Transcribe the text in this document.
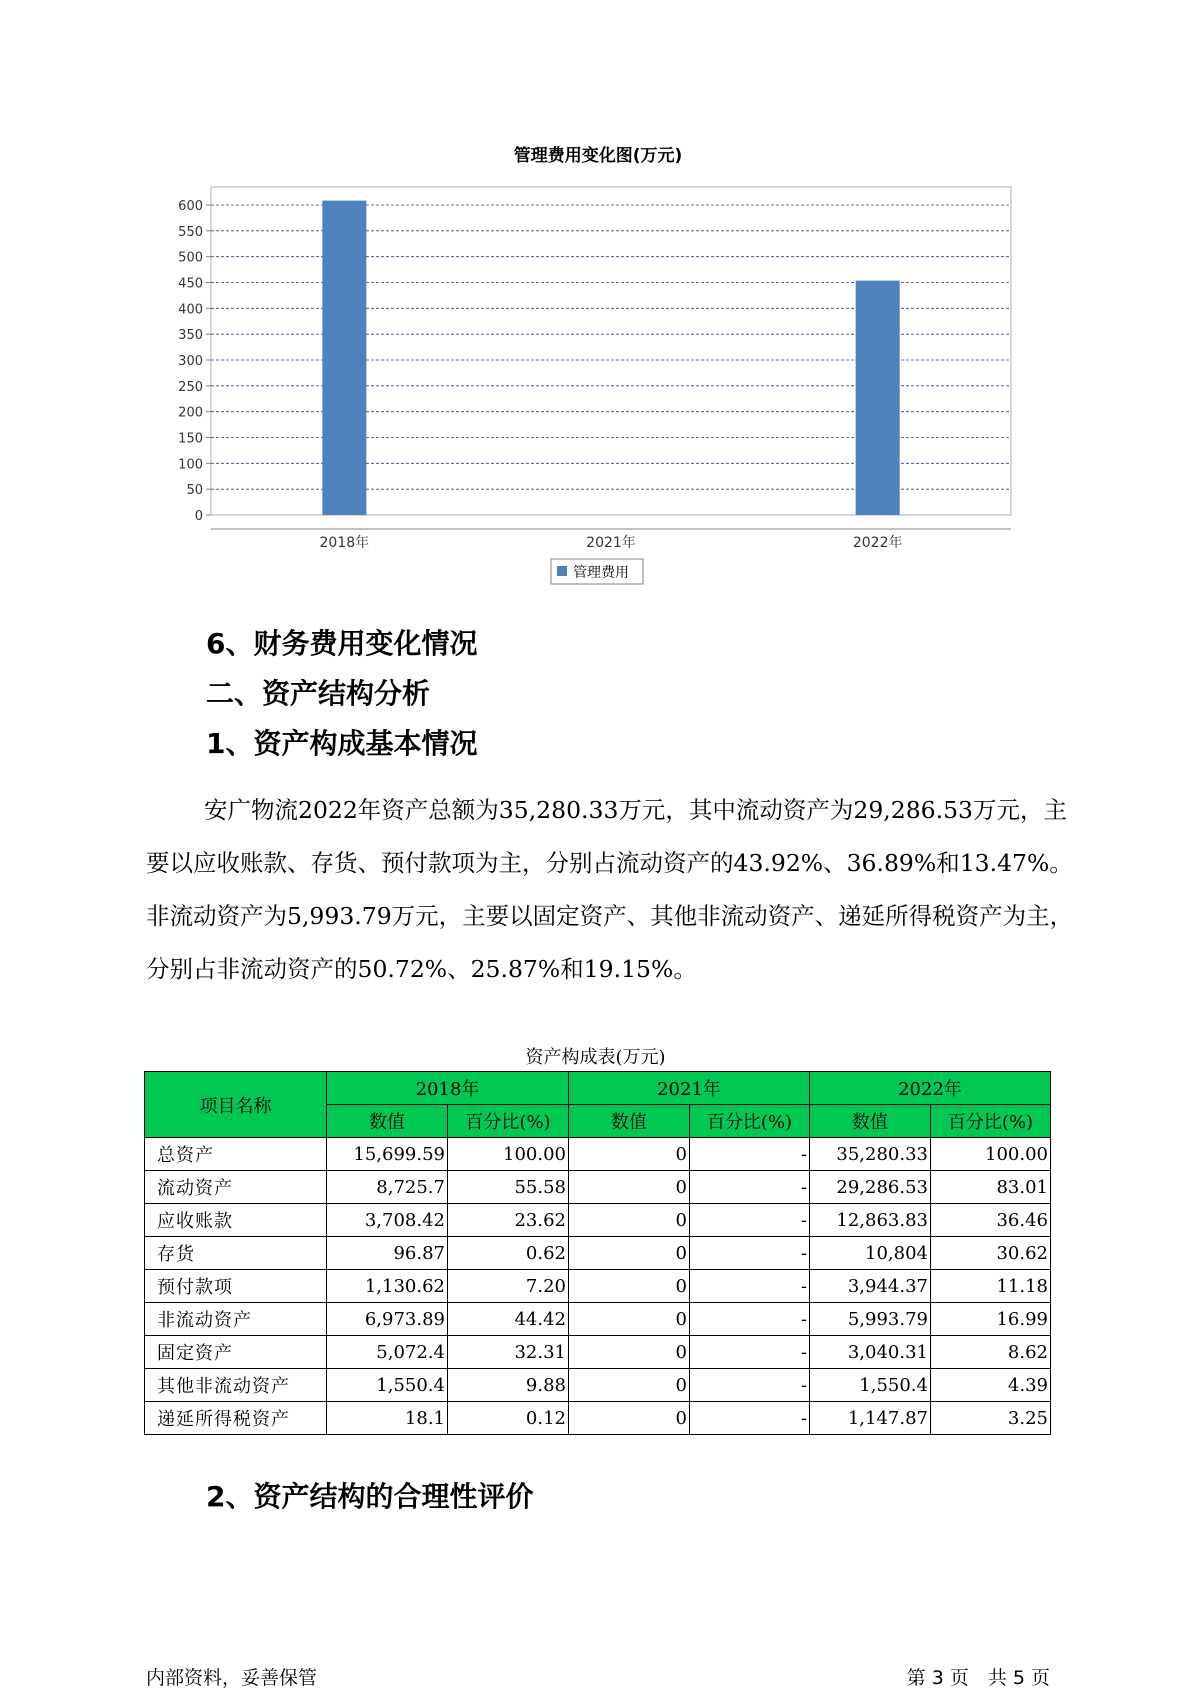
管理费用变化图(万元)
0
50
100
150
200
250
300
350
400
450
500
550
600
2018年	2021年	2022年
管理费用

6、财务费用变化情况

二、资产结构分析

1、资产构成基本情况

安广物流2022年资产总额为35,280.33万元，其中流动资产为29,286.53万元，主要以应收账款、存货、预付款项为主，分别占流动资产的43.92%、36.89%和13.47%。非流动资产为5,993.79万元，主要以固定资产、其他非流动资产、递延所得税资产为主，分别占非流动资产的50.72%、25.87%和19.15%。

资产构成表(万元)

项目名称	2018年		2021年		2022年	
	数值	百分比(%)	数值	百分比(%)	数值	百分比(%)
总资产	15,699.59	100.00	0	-	35,280.33	100.00
流动资产	8,725.7	55.58	0	-	29,286.53	83.01
应收账款	3,708.42	23.62	0	-	12,863.83	36.46
存货	96.87	0.62	0	-	10,804	30.62
预付款项	1,130.62	7.20	0	-	3,944.37	11.18
非流动资产	6,973.89	44.42	0	-	5,993.79	16.99
固定资产	5,072.4	32.31	0	-	3,040.31	8.62
其他非流动资产	1,550.4	9.88	0	-	1,550.4	4.39
递延所得税资产	18.1	0.12	0	-	1,147.87	3.25

2、资产结构的合理性评价

内部资料，妥善保管	第 3 页　共 5 页
